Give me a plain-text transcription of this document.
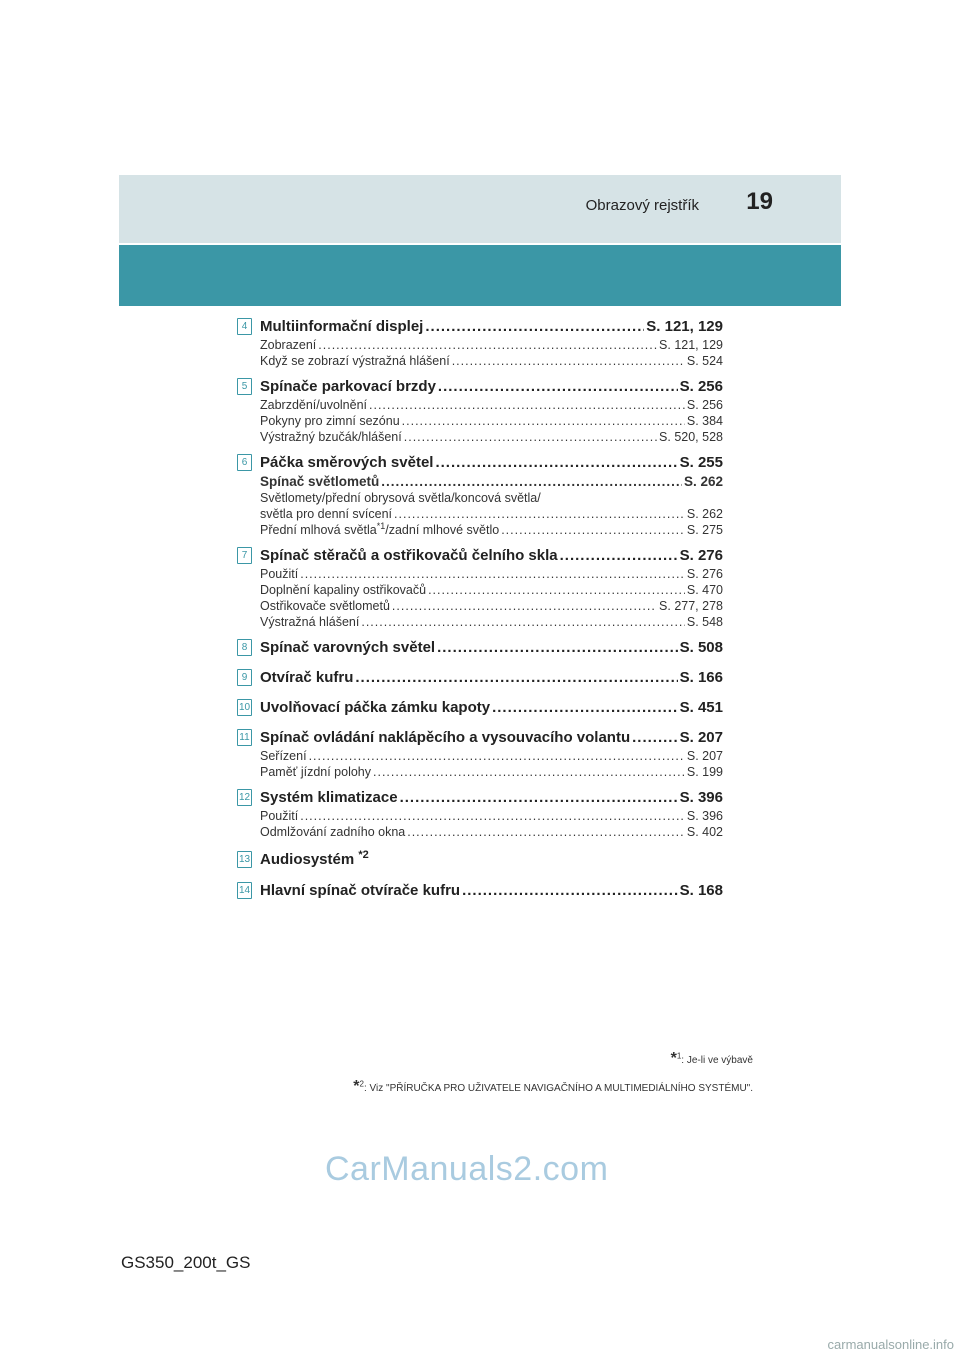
Obrazový rejstřík 19
4 Multiinformační displej .....	S. 121, 129
Zobrazení .....	S. 121, 129
Když se zobrazí výstražná hlášení .....	S. 524
5 Spínače parkovací brzdy .....	S. 256
Zabrzdění/uvolnění .....	S. 256
Pokyny pro zimní sezónu .....	S. 384
Výstražný bzučák/hlášení .....	S. 520, 528
6 Páčka směrových světel .....	S. 255
Spínač světlometů .....	S. 262
Světlomety/přední obrysová světla/koncová světla/
světla pro denní svícení .....	S. 262
Přední mlhová světla$^{*1}$/zadní mlhové světlo .....	S. 275
7 Spínač stěračů a ostřikovačů čelního skla .....	S. 276
Použití .....	S. 276
Doplnění kapaliny ostřikovačů .....	S. 470
Ostřikovače světlometů .....	S. 277, 278
Výstražná hlášení .....	S. 548
8 Spínač varovných světel .....	S. 508
9 Otvírač kufru .....	S. 166
10 Uvolňovací páčka zámku kapoty .....	S. 451
11 Spínač ovládání naklápěcího a vysouvacího volantu .....	S. 207
Seřízení .....	S. 207
Paměť jízdní polohy .....	S. 199
12 Systém klimatizace .....	S. 396
Použití .....	S. 396
Odmlžování zadního okna .....	S. 402
13 Audiosystém $^{*2}$
14 Hlavní spínač otvírače kufru .....	S. 168
*$^1$: Je-li ve výbavě
*$^2$: Viz "PŘÍRUČKA PRO UŽIVATELE NAVIGAČNÍHO A MULTIMEDIÁLNÍHO SYSTÉMU".
CarManuals2.com
GS350_200t_GS
carmanualsonline.info
